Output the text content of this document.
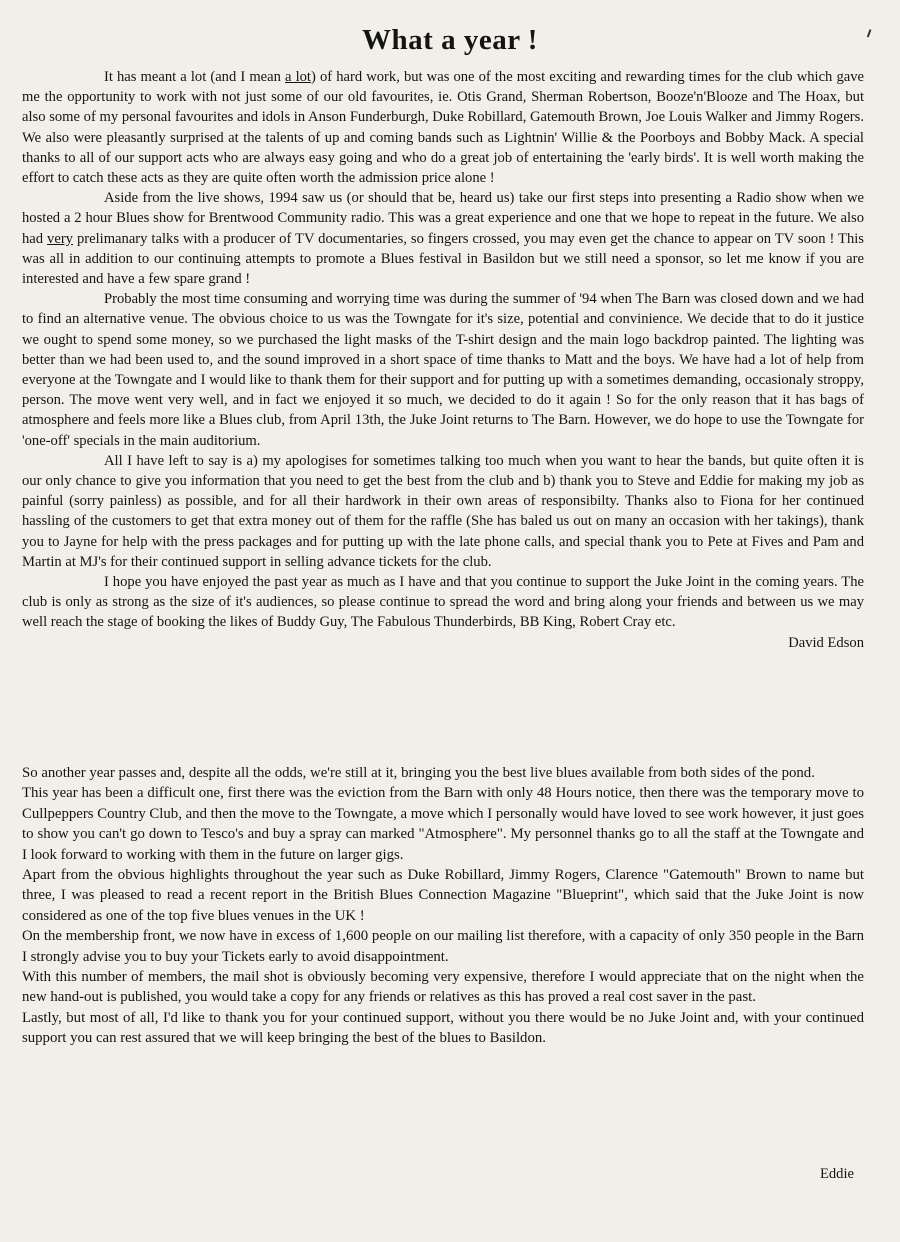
What a year !

It has meant a lot (and I mean a lot) of hard work, but was one of the most exciting and rewarding times for the club which gave me the opportunity to work with not just some of our old favourites, ie. Otis Grand, Sherman Robertson, Booze'n'Blooze and The Hoax, but also some of my personal favourites and idols in Anson Funderburgh, Duke Robillard, Gatemouth Brown, Joe Louis Walker and Jimmy Rogers. We also were pleasantly surprised at the talents of up and coming bands such as Lightnin' Willie & the Poorboys and Bobby Mack. A special thanks to all of our support acts who are always easy going and who do a great job of entertaining the 'early birds'. It is well worth making the effort to catch these acts as they are quite often worth the admission price alone !

Aside from the live shows, 1994 saw us (or should that be, heard us) take our first steps into presenting a Radio show when we hosted a 2 hour Blues show for Brentwood Community radio. This was a great experience and one that we hope to repeat in the future. We also had very prelimanary talks with a producer of TV documentaries, so fingers crossed, you may even get the chance to appear on TV soon ! This was all in addition to our continuing attempts to promote a Blues festival in Basildon but we still need a sponsor, so let me know if you are interested and have a few spare grand !

Probably the most time consuming and worrying time was during the summer of '94 when The Barn was closed down and we had to find an alternative venue. The obvious choice to us was the Towngate for it's size, potential and convinience. We decide that to do it justice we ought to spend some money, so we purchased the light masks of the T-shirt design and the main logo backdrop painted. The lighting was better than we had been used to, and the sound improved in a short space of time thanks to Matt and the boys. We have had a lot of help from everyone at the Towngate and I would like to thank them for their support and for putting up with a sometimes demanding, occasionaly stroppy, person. The move went very well, and in fact we enjoyed it so much, we decided to do it again ! So for the only reason that it has bags of atmosphere and feels more like a Blues club, from April 13th, the Juke Joint returns to The Barn. However, we do hope to use the Towngate for 'one-off' specials in the main auditorium.

All I have left to say is a) my apologises for sometimes talking too much when you want to hear the bands, but quite often it is our only chance to give you information that you need to get the best from the club and b) thank you to Steve and Eddie for making my job as painful (sorry painless) as possible, and for all their hardwork in their own areas of responsibilty. Thanks also to Fiona for her continued hassling of the customers to get that extra money out of them for the raffle (She has baled us out on many an occasion with her takings), thank you to Jayne for help with the press packages and for putting up with the late phone calls, and special thank you to Pete at Fives and Pam and Martin at MJ's for their continued support in selling advance tickets for the club.

I hope you have enjoyed the past year as much as I have and that you continue to support the Juke Joint in the coming years. The club is only as strong as the size of it's audiences, so please continue to spread the word and bring along your friends and between us we may well reach the stage of booking the likes of Buddy Guy, The Fabulous Thunderbirds, BB King, Robert Cray etc.

David Edson

So another year passes and, despite all the odds, we're still at it, bringing you the best live blues available from both sides of the pond.

This year has been a difficult one, first there was the eviction from the Barn with only 48 Hours notice, then there was the temporary move to Cullpeppers Country Club, and then the move to the Towngate, a move which I personally would have loved to see work however, it just goes to show you can't go down to Tesco's and buy a spray can marked "Atmosphere". My personnel thanks go to all the staff at the Towngate and I look forward to working with them in the future on larger gigs.

Apart from the obvious highlights throughout the year such as Duke Robillard, Jimmy Rogers, Clarence "Gatemouth" Brown to name but three, I was pleased to read a recent report in the British Blues Connection Magazine "Blueprint", which said that the Juke Joint is now considered as one of the top five blues venues in the UK !

On the membership front, we now have in excess of 1,600 people on our mailing list therefore, with a capacity of only 350 people in the Barn I strongly advise you to buy your Tickets early to avoid disappointment.

With this number of members, the mail shot is obviously becoming very expensive, therefore I would appreciate that on the night when the new hand-out is published, you would take a copy for any friends or relatives as this has proved a real cost saver in the past.

Lastly, but most of all, I'd like to thank you for your continued support, without you there would be no Juke Joint and, with your continued support you can rest assured that we will keep bringing the best of the blues to Basildon.

Eddie
